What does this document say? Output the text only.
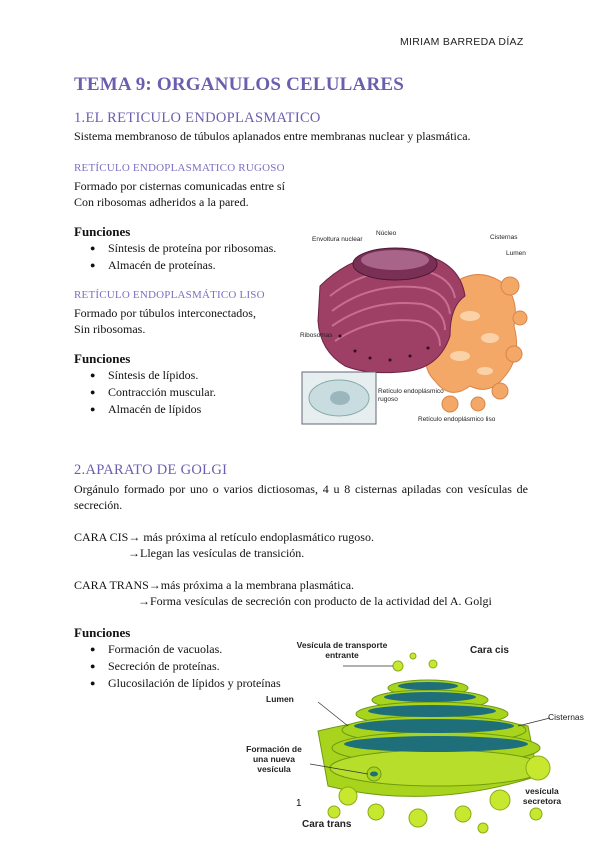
MIRIAM BARREDA DÍAZ
TEMA 9: ORGANULOS CELULARES
1.EL RETICULO ENDOPLASMATICO
Sistema membranoso de túbulos aplanados entre membranas nuclear y plasmática.
RETÍCULO ENDOPLASMATICO RUGOSO
Formado por cisternas comunicadas entre sí
Con ribosomas adheridos a la pared.
Funciones
● Síntesis de proteína por ribosomas.
● Almacén de proteínas.
RETÍCULO ENDOPLASMÁTICO LISO
Formado por túbulos interconectados,
Sin ribosomas.
Funciones
● Síntesis de lípidos.
● Contracción muscular.
● Almacén de lípidos
Envoltura nuclear
Núcleo
Cisternas
Lumen
Ribosomas
Retículo endoplásmico rugoso
Retículo endoplásmico liso
2.APARATO DE GOLGI
Orgánulo formado por uno o varios dictiosomas, 4 u 8 cisternas apiladas con vesículas de secreción.
CARA CIS→ más próxima al retículo endoplasmático rugoso.
→Llegan las vesículas de transición.
CARA TRANS→más próxima a la membrana plasmática.
→Forma vesículas de secreción con producto de la actividad del A. Golgi
Funciones
● Formación de vacuolas.
● Secreción de proteínas.
● Glucosilación de lípidos y proteínas
Vesícula de transporte entrante	Cara cis
Lumen
Cisternas
Formación de una nueva vesícula
vesícula secretora
Cara trans
1
